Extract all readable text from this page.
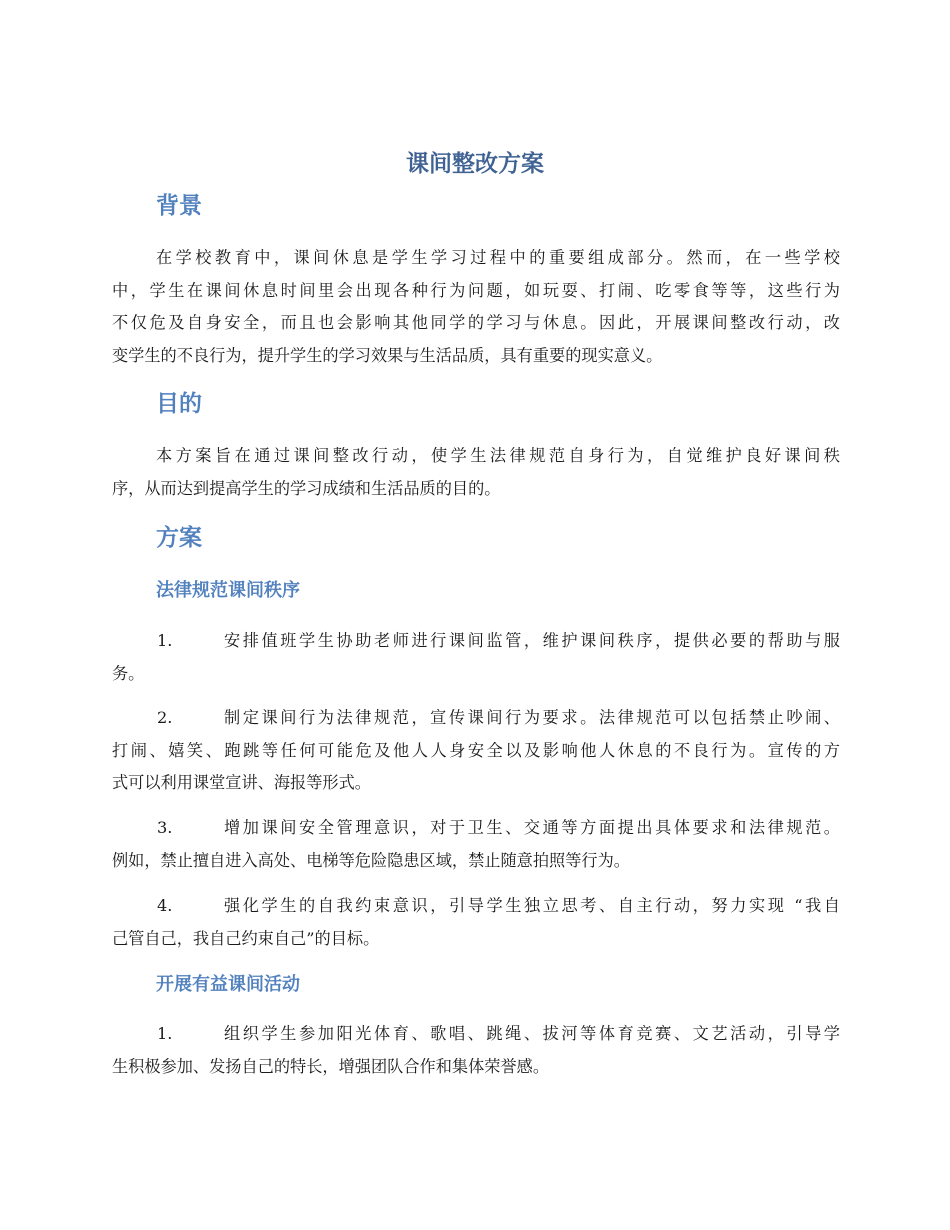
课间整改方案
背景
在学校教育中，课间休息是学生学习过程中的重要组成部分。然而，在一些学校
中，学生在课间休息时间里会出现各种行为问题，如玩耍、打闹、吃零食等等，这些行为
不仅危及自身安全，而且也会影响其他同学的学习与休息。因此，开展课间整改行动，改
变学生的不良行为，提升学生的学习效果与生活品质，具有重要的现实意义。
目的
本方案旨在通过课间整改行动，使学生法律规范自身行为，自觉维护良好课间秩
序，从而达到提高学生的学习成绩和生活品质的目的。
方案
法律规范课间秩序
1.	安排值班学生协助老师进行课间监管，维护课间秩序，提供必要的帮助与服
务。
2.	制定课间行为法律规范，宣传课间行为要求。法律规范可以包括禁止吵闹、
打闹、嬉笑、跑跳等任何可能危及他人人身安全以及影响他人休息的不良行为。宣传的方
式可以利用课堂宣讲、海报等形式。
3.	增加课间安全管理意识，对于卫生、交通等方面提出具体要求和法律规范。
例如，禁止擅自进入高处、电梯等危险隐患区域，禁止随意拍照等行为。
4.	强化学生的自我约束意识，引导学生独立思考、自主行动，努力实现 “我自
己管自己，我自己约束自己”的目标。
开展有益课间活动
1.	组织学生参加阳光体育、歌唱、跳绳、拔河等体育竞赛、文艺活动，引导学
生积极参加、发扬自己的特长，增强团队合作和集体荣誉感。
